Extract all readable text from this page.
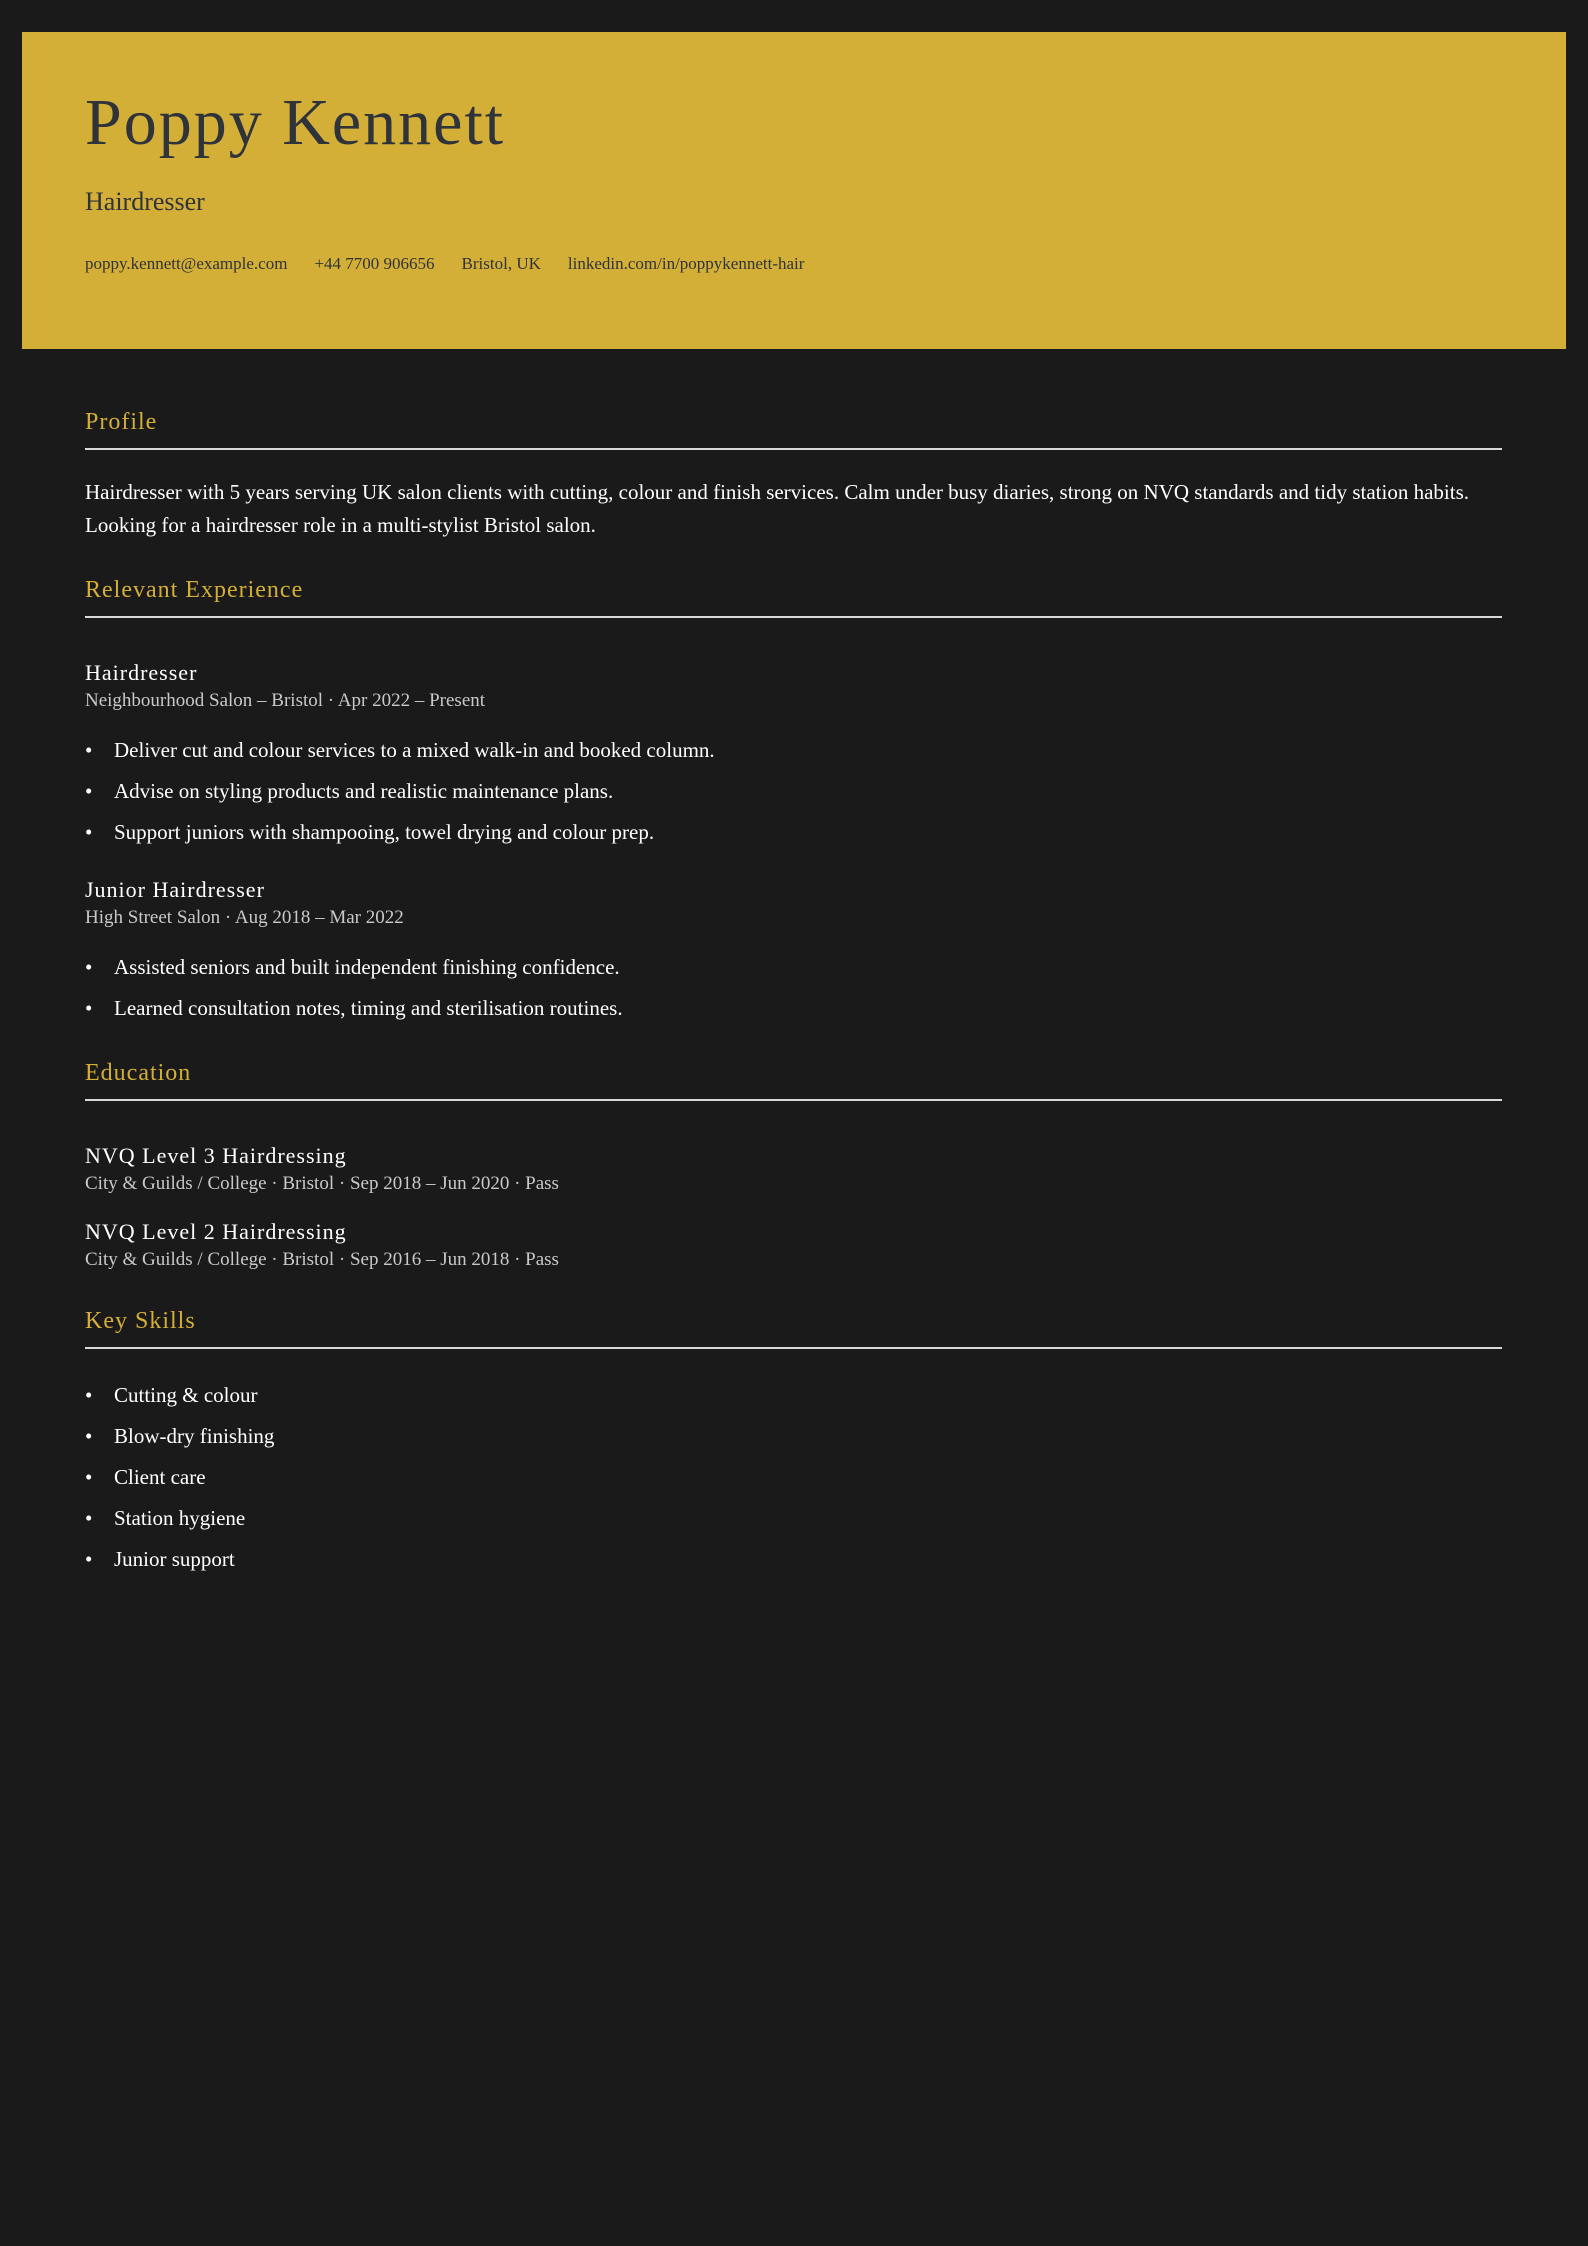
Poppy Kennett
Hairdresser
poppy.kennett@example.com +44 7700 906656 Bristol, UK linkedin.com/in/poppykennett-hair
Profile

Hairdresser with 5 years serving UK salon clients with cutting, colour and finish services. Calm under busy diaries, strong on NVQ standards and tidy station habits. Looking for a hairdresser role in a multi-stylist Bristol salon.

Relevant Experience
Hairdresser
Neighbourhood Salon – Bristol · Apr 2022 – Present
• Deliver cut and colour services to a mixed walk-in and booked column.
• Advise on styling products and realistic maintenance plans.
• Support juniors with shampooing, towel drying and colour prep.
Junior Hairdresser
High Street Salon · Aug 2018 – Mar 2022
• Assisted seniors and built independent finishing confidence.
• Learned consultation notes, timing and sterilisation routines.
Education
NVQ Level 3 Hairdressing
City & Guilds / College · Bristol · Sep 2018 – Jun 2020 · Pass
NVQ Level 2 Hairdressing
City & Guilds / College · Bristol · Sep 2016 – Jun 2018 · Pass
Key Skills
• Cutting & colour
• Blow-dry finishing
• Client care
• Station hygiene
• Junior support
